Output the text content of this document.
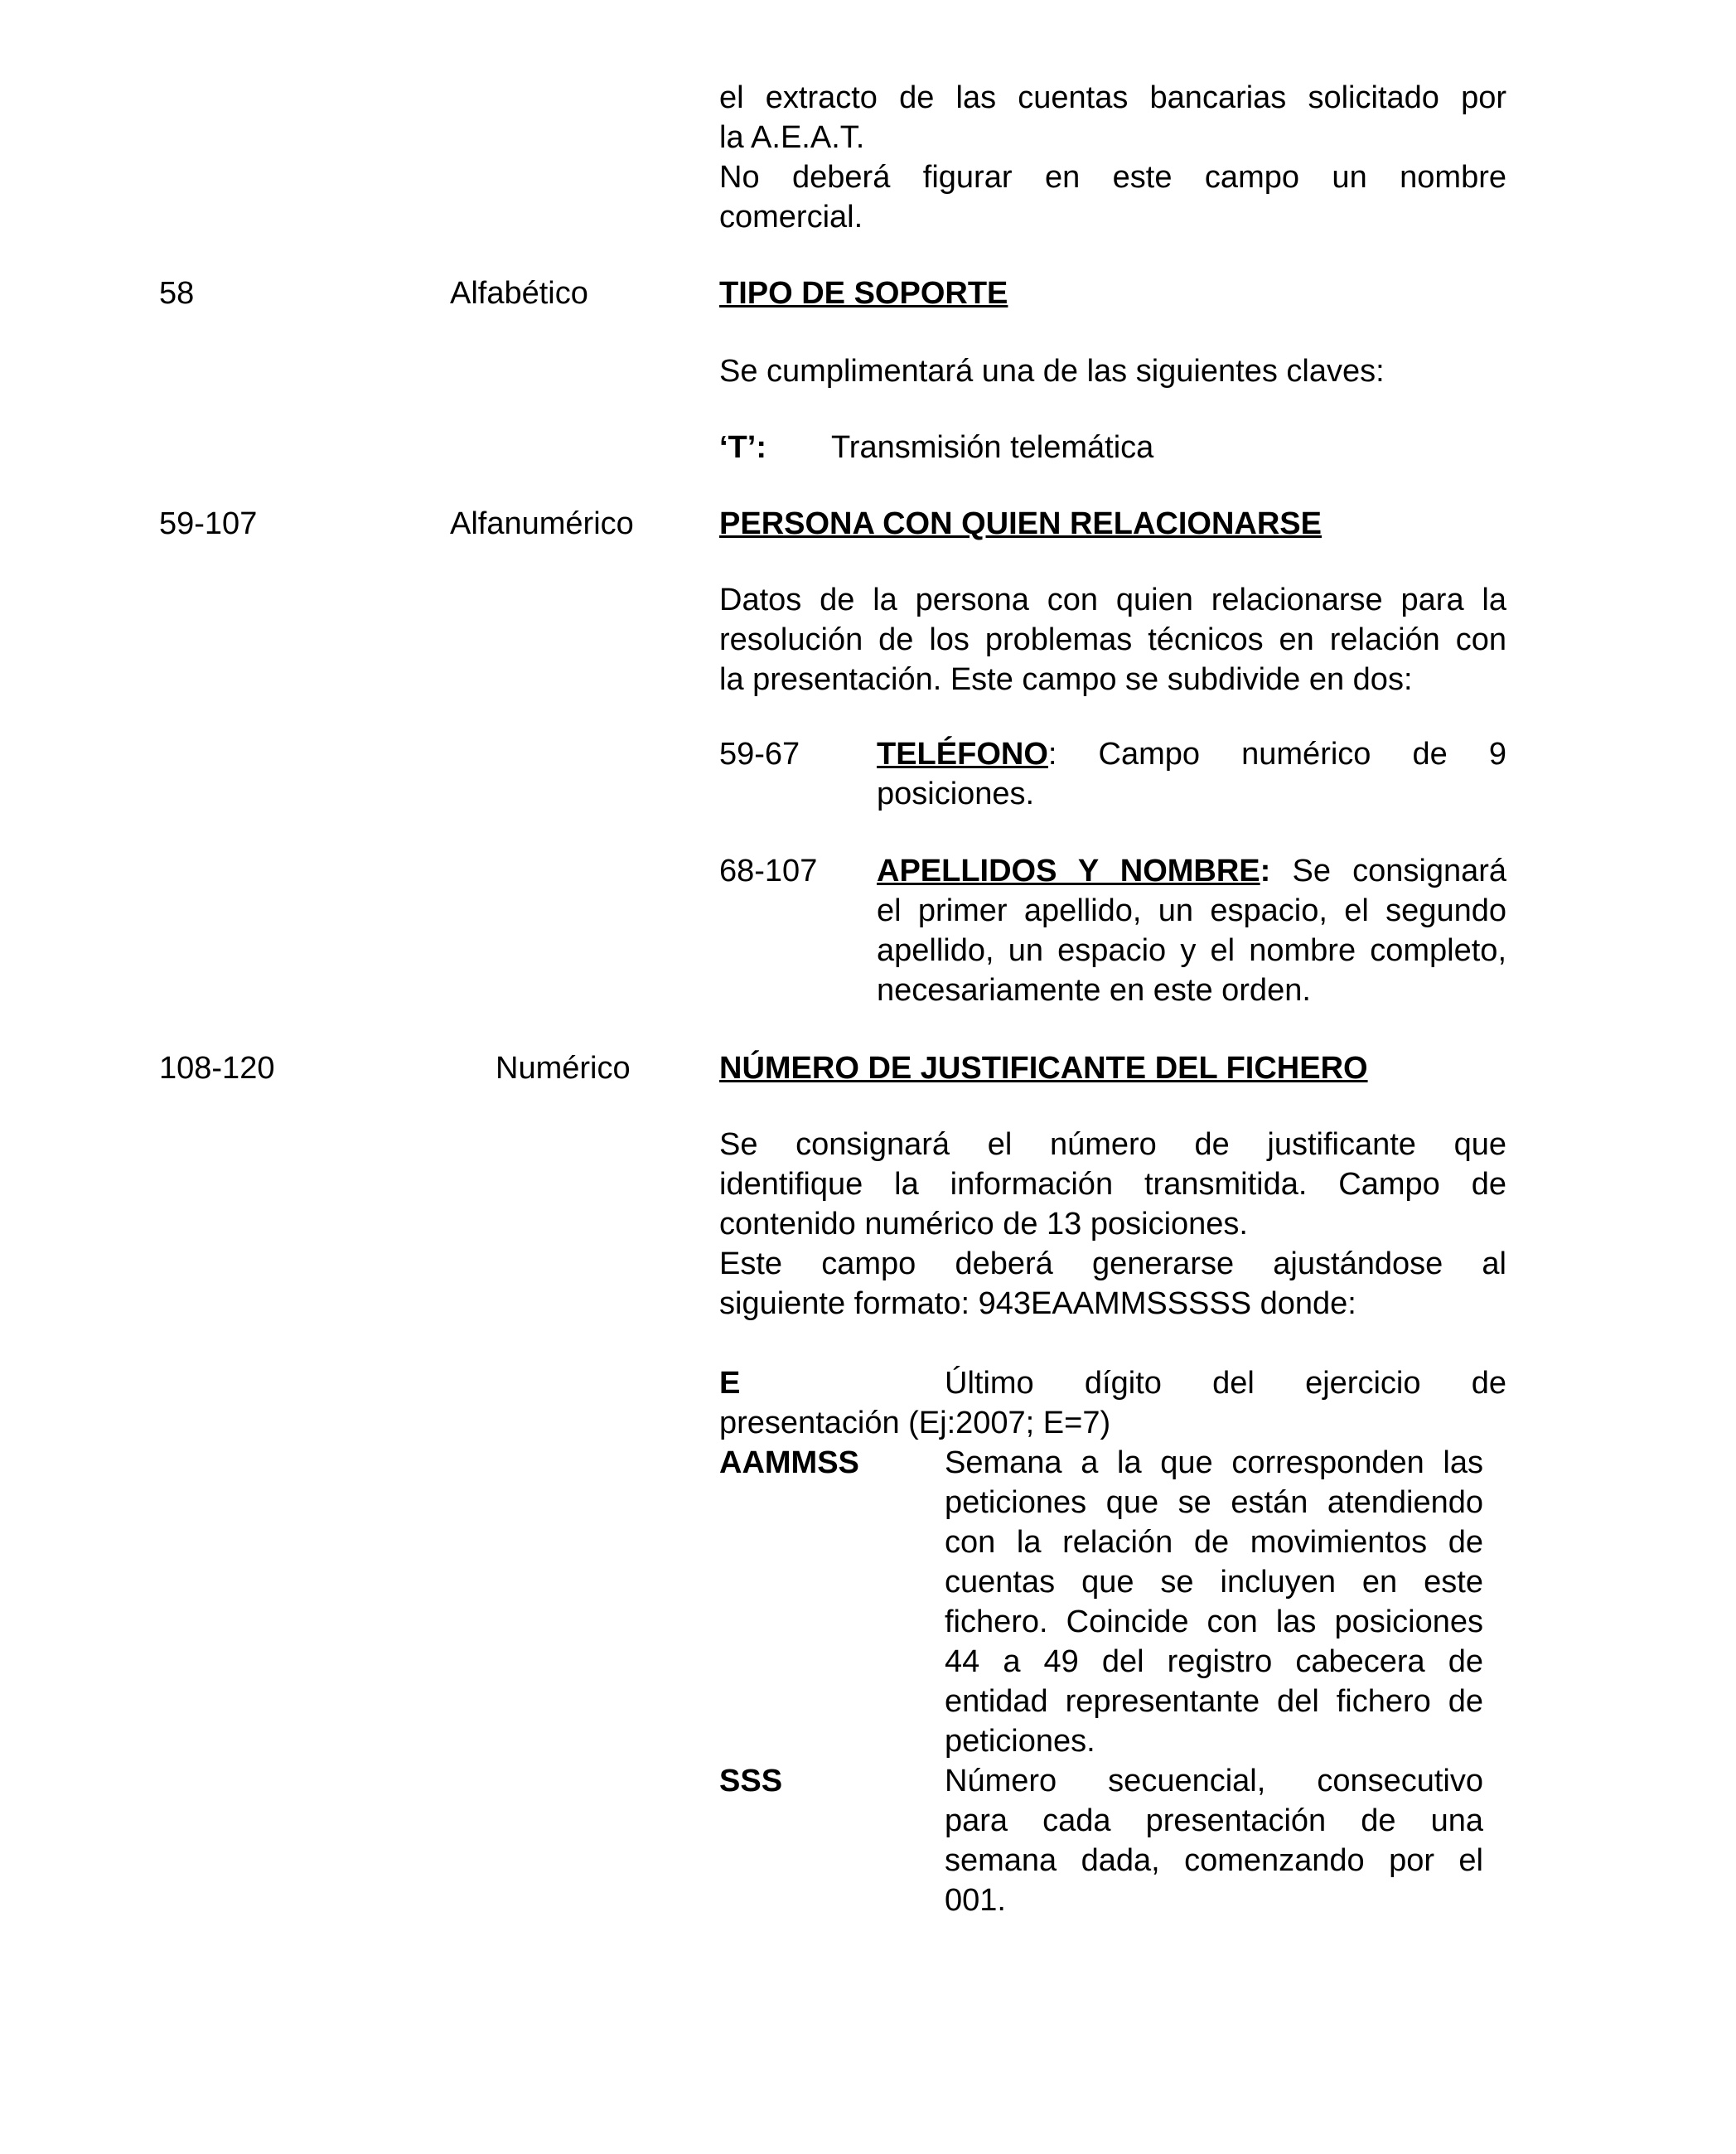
el extracto de las cuentas bancarias solicitado por

la A.E.A.T.

No deberá figurar en este campo un nombre

comercial.

58	Alfabético	TIPO DE SOPORTE
Se cumplimentará una de las siguientes claves:
‘T’: Transmisión telemática
59-107	Alfanumérico	PERSONA CON QUIEN RELACIONARSE

Datos de la persona con quien relacionarse para la

resolución de los problemas técnicos en relación con

la presentación. Este campo se subdivide en dos:

59-67 TELÉFONO: Campo numérico de 9

posiciones.

68-107 APELLIDOS Y NOMBRE: Se consignará

el primer apellido, un espacio, el segundo

apellido, un espacio y el nombre completo,

necesariamente en este orden.

108-120	Numérico	NÚMERO DE JUSTIFICANTE DEL FICHERO

Se consignará el número de justificante que

identifique la información transmitida. Campo de

contenido numérico de 13 posiciones.

Este campo deberá generarse ajustándose al

siguiente formato: 943EAAMMSSSSS donde:

E	Último dígito del ejercicio de
presentación (Ej:2007; E=7)
AAMMSS	Semana a la que corresponden las

peticiones que se están atendiendo

con la relación de movimientos de

cuentas que se incluyen en este

fichero. Coincide con las posiciones

44 a 49 del registro cabecera de

entidad representante del fichero de

peticiones.

SSS	Número secuencial, consecutivo

para cada presentación de una

semana dada, comenzando por el

001.
